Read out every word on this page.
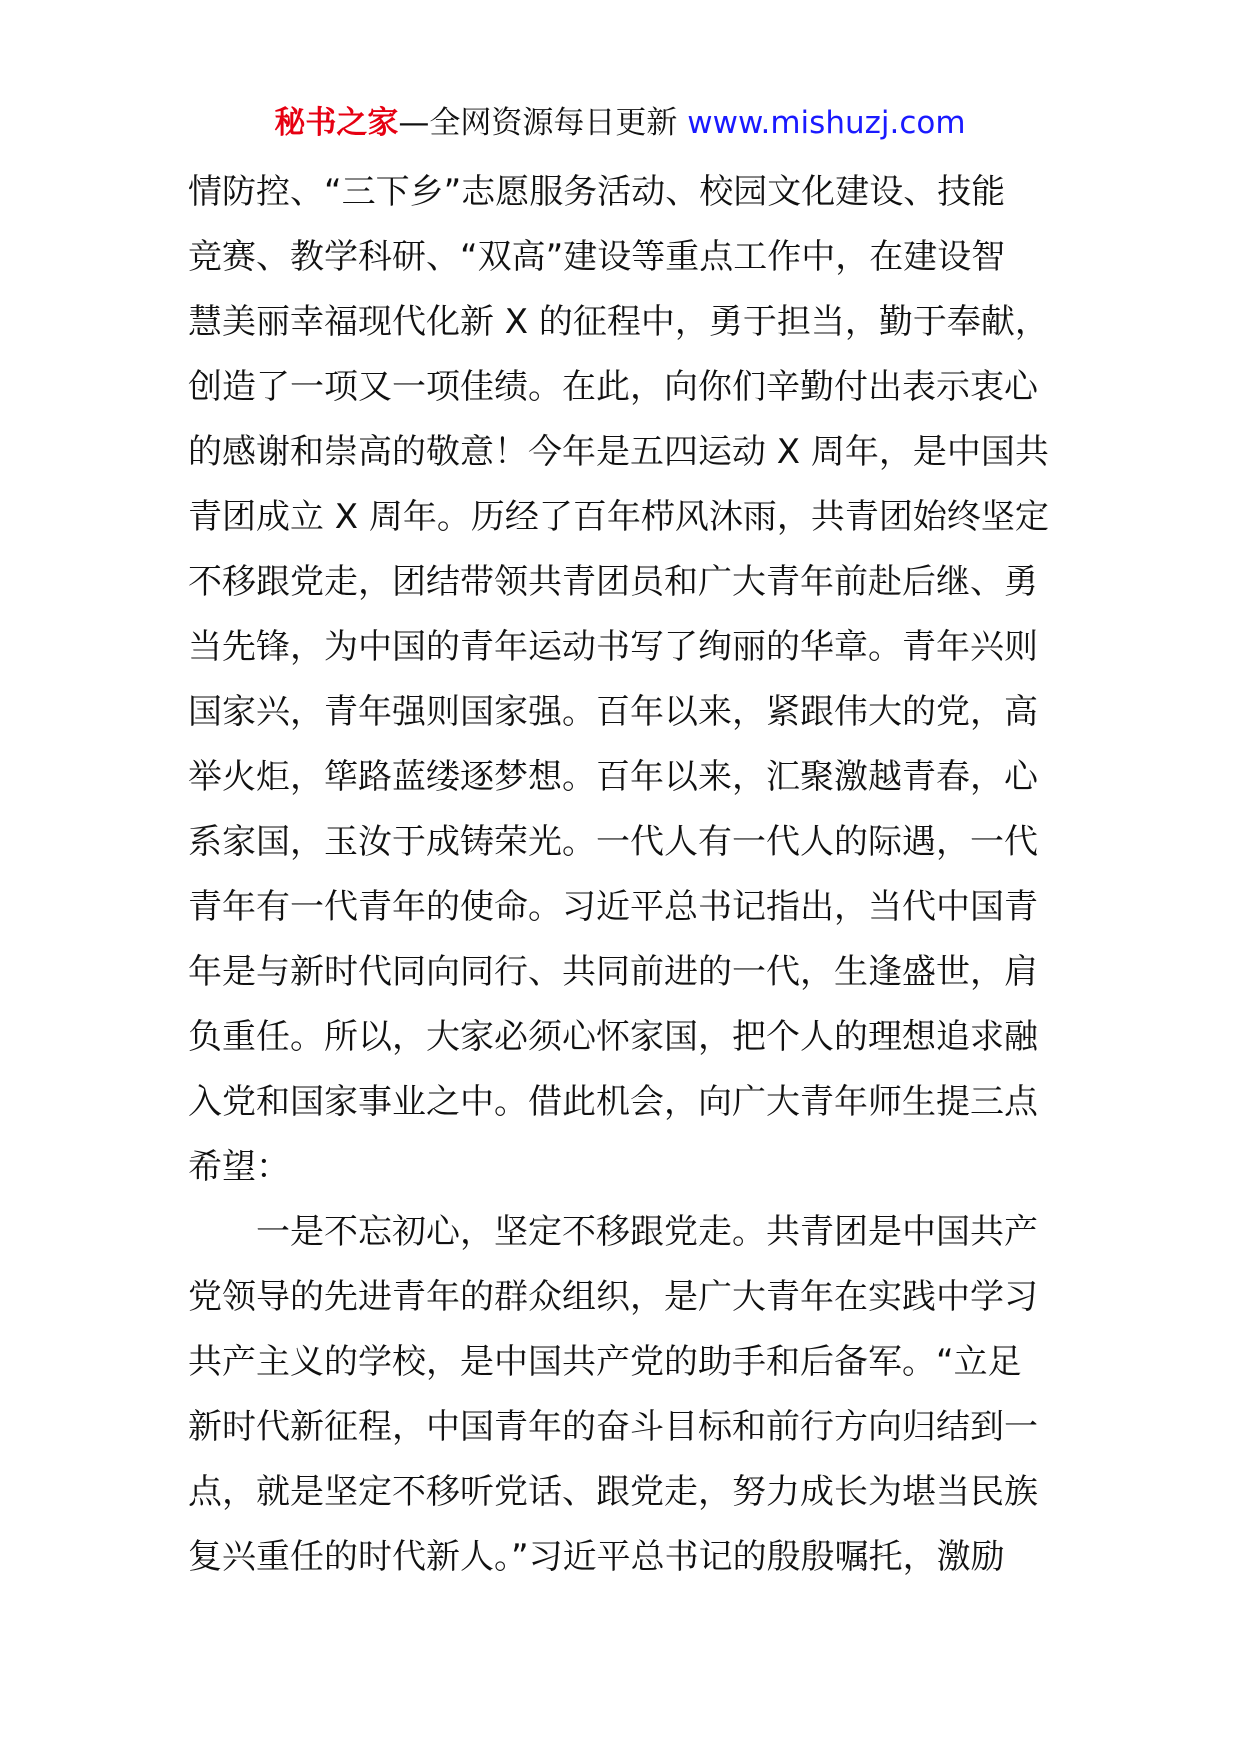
秘书之家—全网资源每日更新 www.mishuzj.com
情防控、“三下乡”志愿服务活动、校园文化建设、技能
竞赛、教学科研、“双高”建设等重点工作中，在建设智
慧美丽幸福现代化新 X 的征程中，勇于担当，勤于奉献，
创造了一项又一项佳绩。在此，向你们辛勤付出表示衷心
的感谢和崇高的敬意！今年是五四运动 X 周年，是中国共
青团成立 X 周年。历经了百年栉风沐雨，共青团始终坚定
不移跟党走，团结带领共青团员和广大青年前赴后继、勇
当先锋，为中国的青年运动书写了绚丽的华章。青年兴则
国家兴，青年强则国家强。百年以来，紧跟伟大的党，高
举火炬，筚路蓝缕逐梦想。百年以来，汇聚激越青春，心
系家国，玉汝于成铸荣光。一代人有一代人的际遇，一代
青年有一代青年的使命。习近平总书记指出，当代中国青
年是与新时代同向同行、共同前进的一代，生逢盛世，肩
负重任。所以，大家必须心怀家国，把个人的理想追求融
入党和国家事业之中。借此机会，向广大青年师生提三点
希望：
一是不忘初心，坚定不移跟党走。共青团是中国共产
党领导的先进青年的群众组织，是广大青年在实践中学习
共产主义的学校，是中国共产党的助手和后备军。“立足
新时代新征程，中国青年的奋斗目标和前行方向归结到一
点，就是坚定不移听党话、跟党走，努力成长为堪当民族
复兴重任的时代新人。”习近平总书记的殷殷嘱托，激励
